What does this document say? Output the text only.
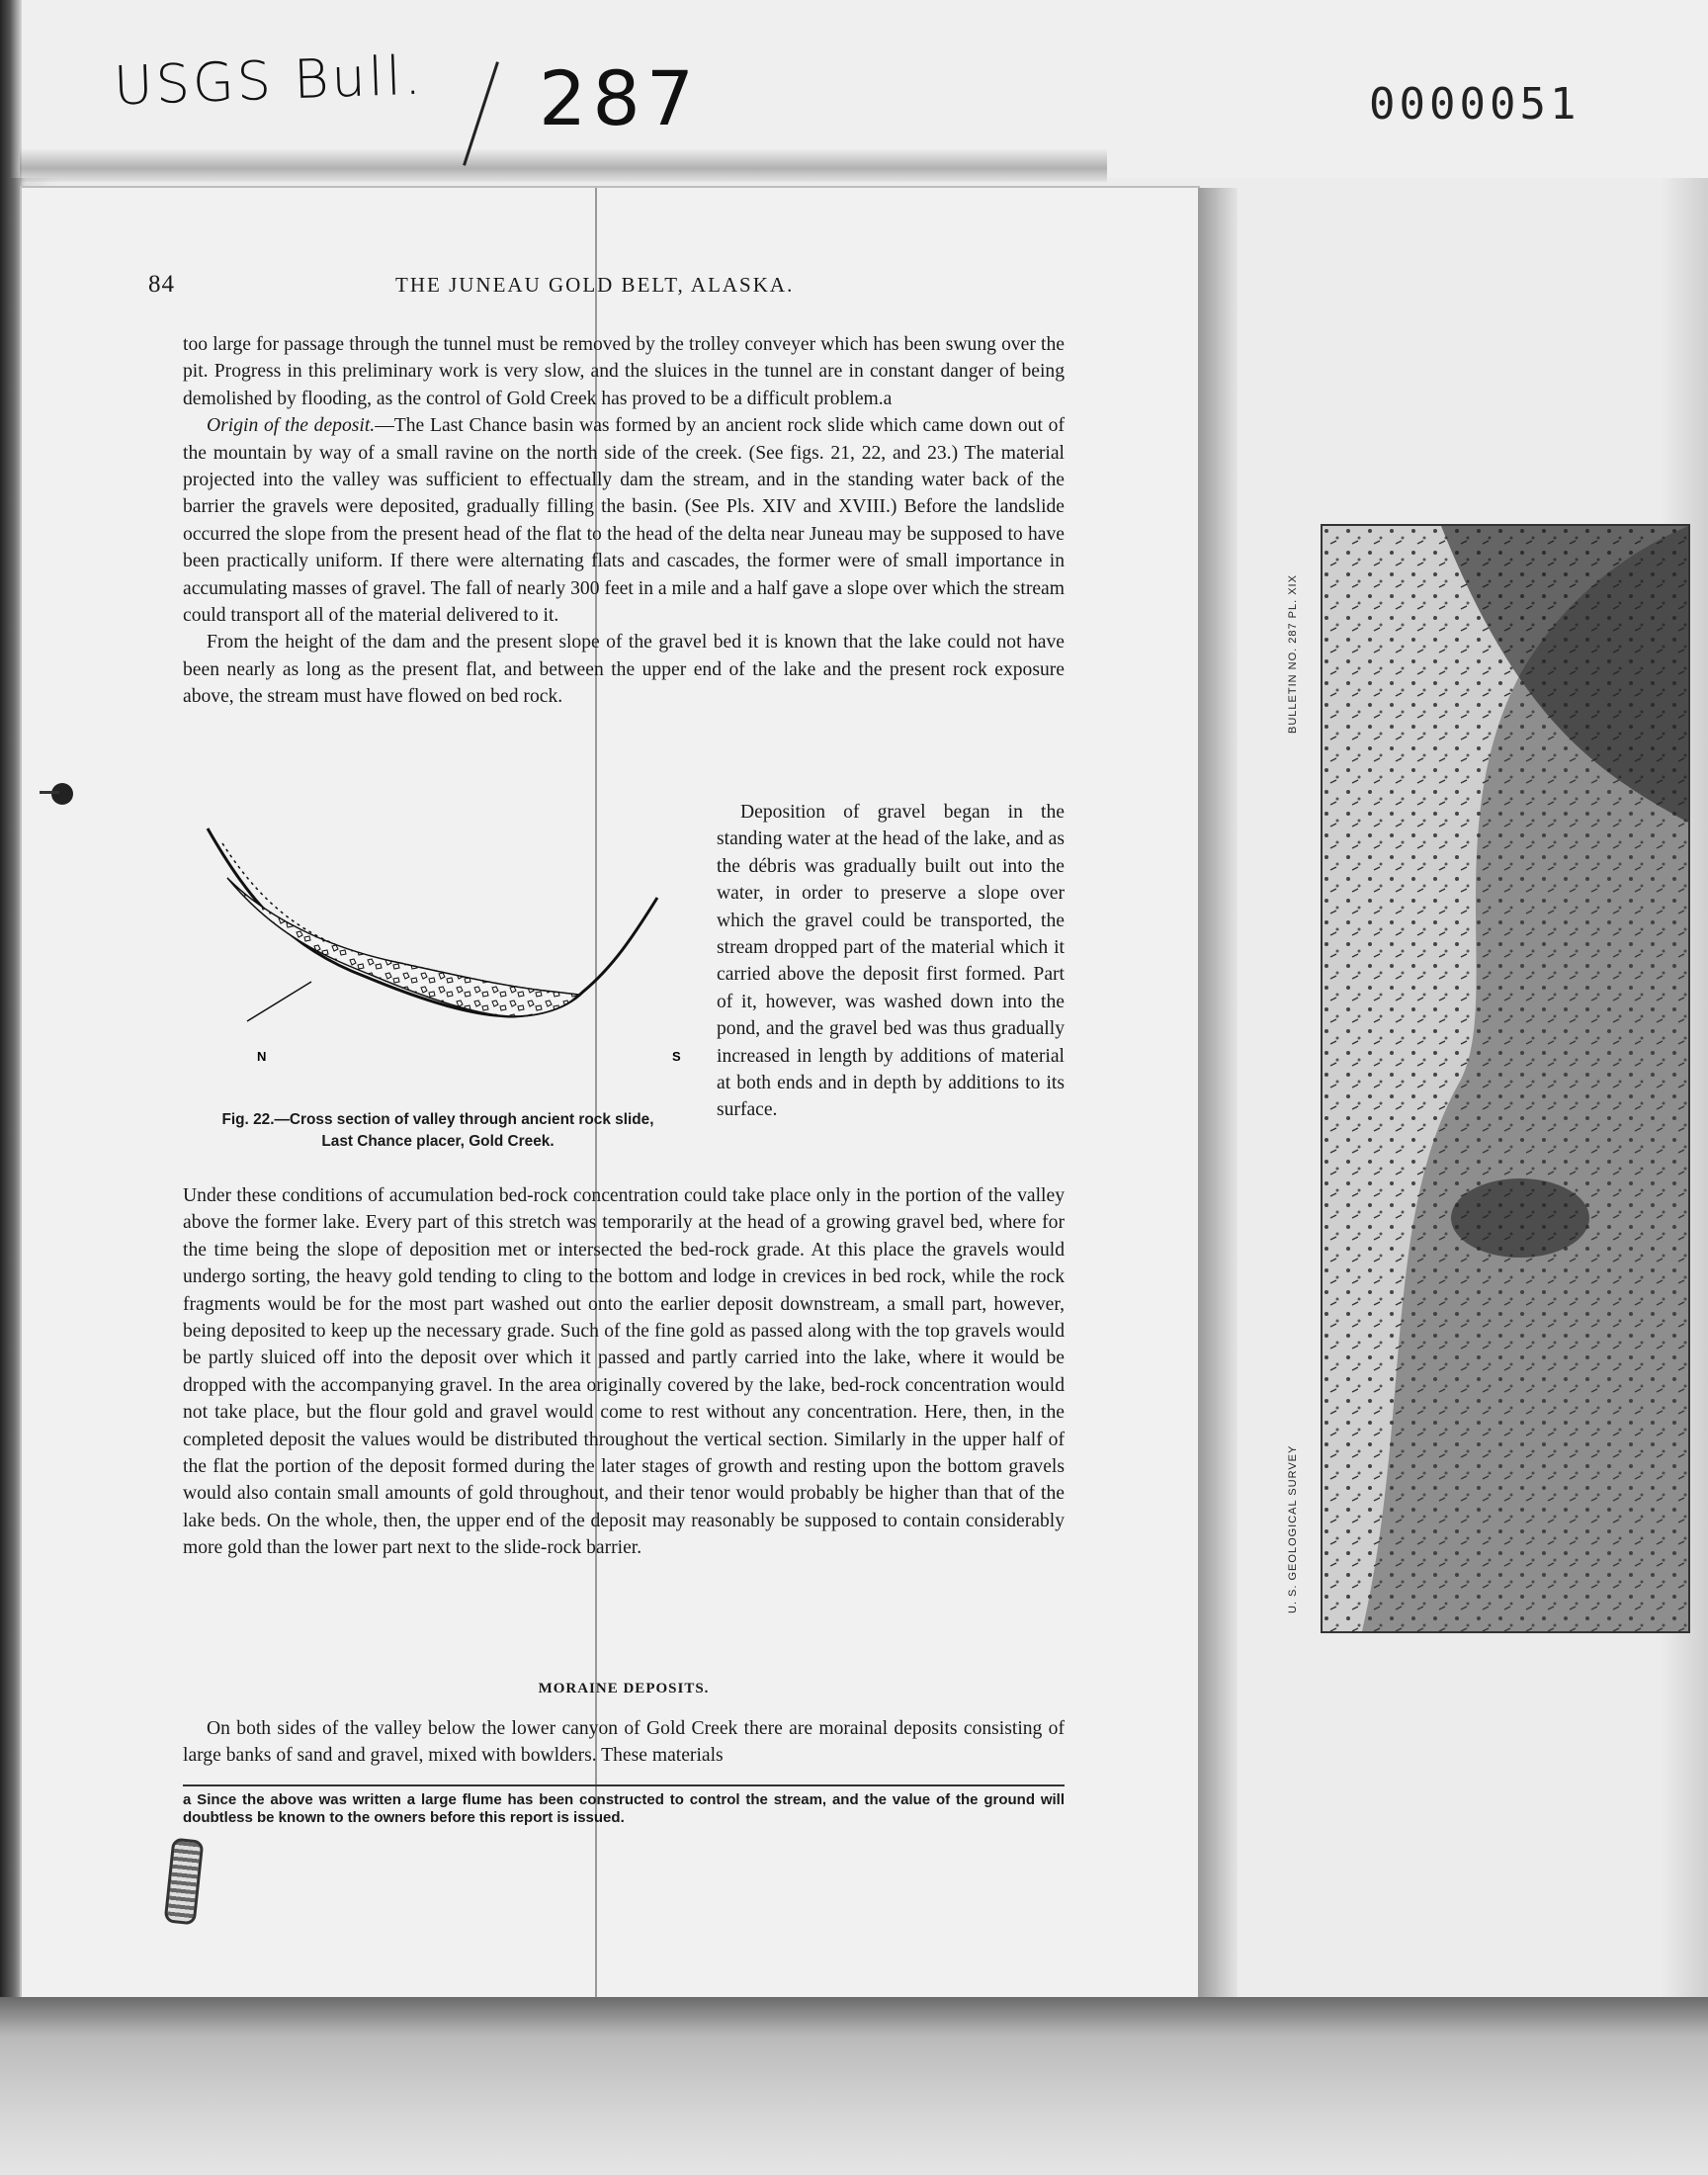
USGS Bull. 287	0000051
84	THE JUNEAU GOLD BELT, ALASKA.

too large for passage through the tunnel must be removed by the trolley conveyer which has been swung over the pit. Progress in this preliminary work is very slow, and the sluices in the tunnel are in constant danger of being demolished by flooding, as the control of Gold Creek has proved to be a difficult problem.a

Origin of the deposit.—The Last Chance basin was formed by an ancient rock slide which came down out of the mountain by way of a small ravine on the north side of the creek. (See figs. 21, 22, and 23.) The material projected into the valley was sufficient to effectually dam the stream, and in the standing water back of the barrier the gravels were deposited, gradually filling the basin. (See Pls. XIV and XVIII.) Before the landslide occurred the slope from the present head of the flat to the head of the delta near Juneau may be supposed to have been practically uniform. If there were alternating flats and cascades, the former were of small importance in accumulating masses of gravel. The fall of nearly 300 feet in a mile and a half gave a slope over which the stream could transport all of the material delivered to it.

From the height of the dam and the present slope of the gravel bed it is known that the lake could not have been nearly as long as the present flat, and between the upper end of the lake and the present rock exposure above, the stream must have flowed on bed rock.

N	S
Fig. 22.—Cross section of valley through ancient rock slide,
Last Chance placer, Gold Creek.

Deposition of gravel began in the standing water at the head of the lake, and as the débris was gradually built out into the water, in order to preserve a slope over which the gravel could be transported, the stream dropped part of the material which it carried above the deposit first formed. Part of it, however, was washed down into the pond, and the gravel bed was thus gradually increased in length by additions of material at both ends and in depth by additions to its surface.

Under these conditions of accumulation bed-rock concentration could take place only in the portion of the valley above the former lake. Every part of this stretch was temporarily at the head of a growing gravel bed, where for the time being the slope of deposition met or intersected the bed-rock grade. At this place the gravels would undergo sorting, the heavy gold tending to cling to the bottom and lodge in crevices in bed rock, while the rock fragments would be for the most part washed out onto the earlier deposit downstream, a small part, however, being deposited to keep up the necessary grade. Such of the fine gold as passed along with the top gravels would be partly sluiced off into the deposit over which it passed and partly carried into the lake, where it would be dropped with the accompanying gravel. In the area originally covered by the lake, bed-rock concentration would not take place, but the flour gold and gravel would come to rest without any concentration. Here, then, in the completed deposit the values would be distributed throughout the vertical section. Similarly in the upper half of the flat the portion of the deposit formed during the later stages of growth and resting upon the bottom gravels would also contain small amounts of gold throughout, and their tenor would probably be higher than that of the lake beds. On the whole, then, the upper end of the deposit may reasonably be supposed to contain considerably more gold than the lower part next to the slide-rock barrier.

MORAINE DEPOSITS.

On both sides of the valley below the lower canyon of Gold Creek there are morainal deposits consisting of large banks of sand and gravel, mixed with bowlders. These materials

a Since the above was written a large flume has been constructed to control the stream, and the value of the ground will doubtless be known to the owners before this report is issued.
BULLETIN NO. 287 PL. XIX
U. S. GEOLOGICAL SURVEY
